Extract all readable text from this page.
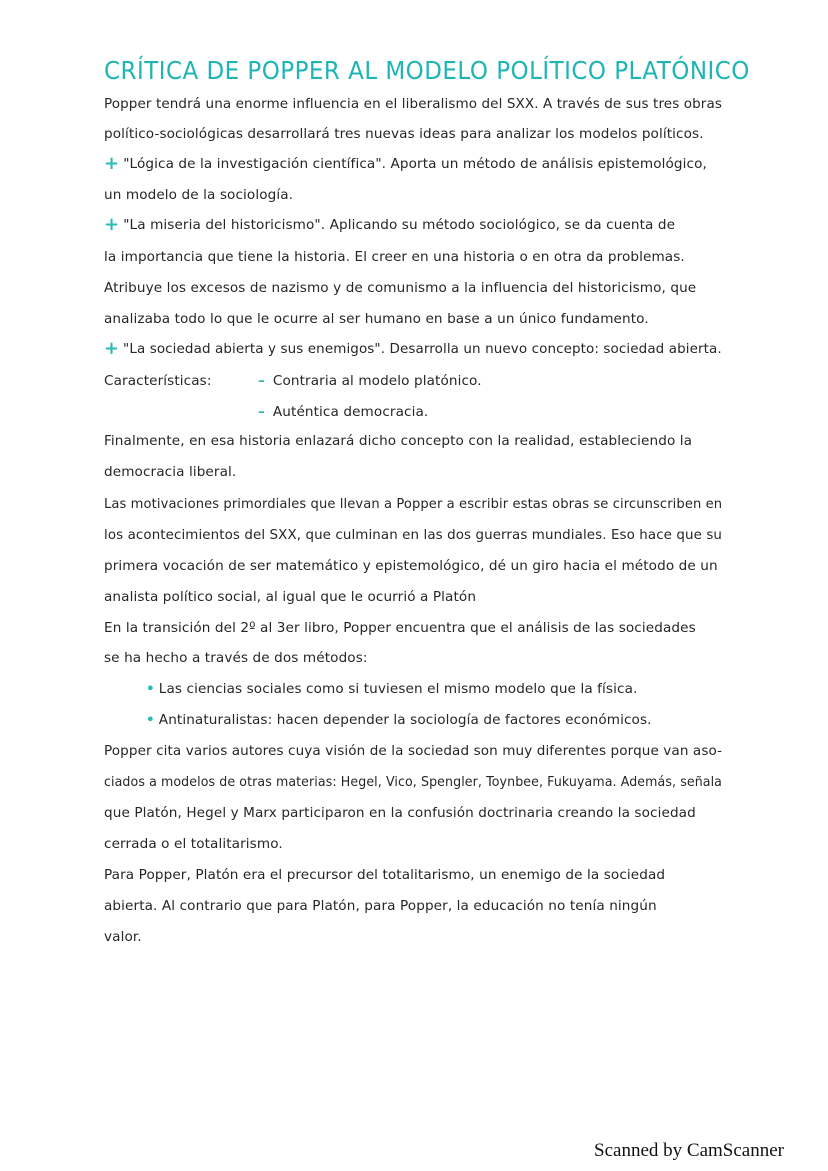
CRÍTICA DE POPPER AL MODELO POLÍTICO PLATÓNICO
Popper tendrá una enorme influencia en el liberalismo del SXX. A través de sus tres obras
político-sociológicas desarrollará tres nuevas ideas para analizar los modelos políticos.
+ "Lógica de la investigación científica". Aporta un método de análisis epistemológico,
un modelo de la sociología.
+ "La miseria del historicismo". Aplicando su método sociológico, se da cuenta de
la importancia que tiene la historia. El creer en una historia o en otra da problemas.
Atribuye los excesos de nazismo y de comunismo a la influencia del historicismo, que
analizaba todo lo que le ocurre al ser humano en base a un único fundamento.
+ "La sociedad abierta y sus enemigos". Desarrolla un nuevo concepto: sociedad abierta.
Características:	– Contraria al modelo platónico.
– Auténtica democracia.
Finalmente, en esa historia enlazará dicho concepto con la realidad, estableciendo la
democracia liberal.
Las motivaciones primordiales que llevan a Popper a escribir estas obras se circunscriben en
los acontecimientos del SXX, que culminan en las dos guerras mundiales. Eso hace que su
primera vocación de ser matemático y epistemológico, dé un giro hacia el método de un
analista político social, al igual que le ocurrió a Platón
En la transición del 2º al 3er libro, Popper encuentra que el análisis de las sociedades
se ha hecho a través de dos métodos:
• Las ciencias sociales como si tuviesen el mismo modelo que la física.
• Antinaturalistas: hacen depender la sociología de factores económicos.
Popper cita varios autores cuya visión de la sociedad son muy diferentes porque van aso-
ciados a modelos de otras materias: Hegel, Vico, Spengler, Toynbee, Fukuyama. Además, señala
que Platón, Hegel y Marx participaron en la confusión doctrinaria creando la sociedad
cerrada o el totalitarismo.
Para Popper, Platón era el precursor del totalitarismo, un enemigo de la sociedad
abierta. Al contrario que para Platón, para Popper, la educación no tenía ningún
valor.
Scanned by CamScanner
